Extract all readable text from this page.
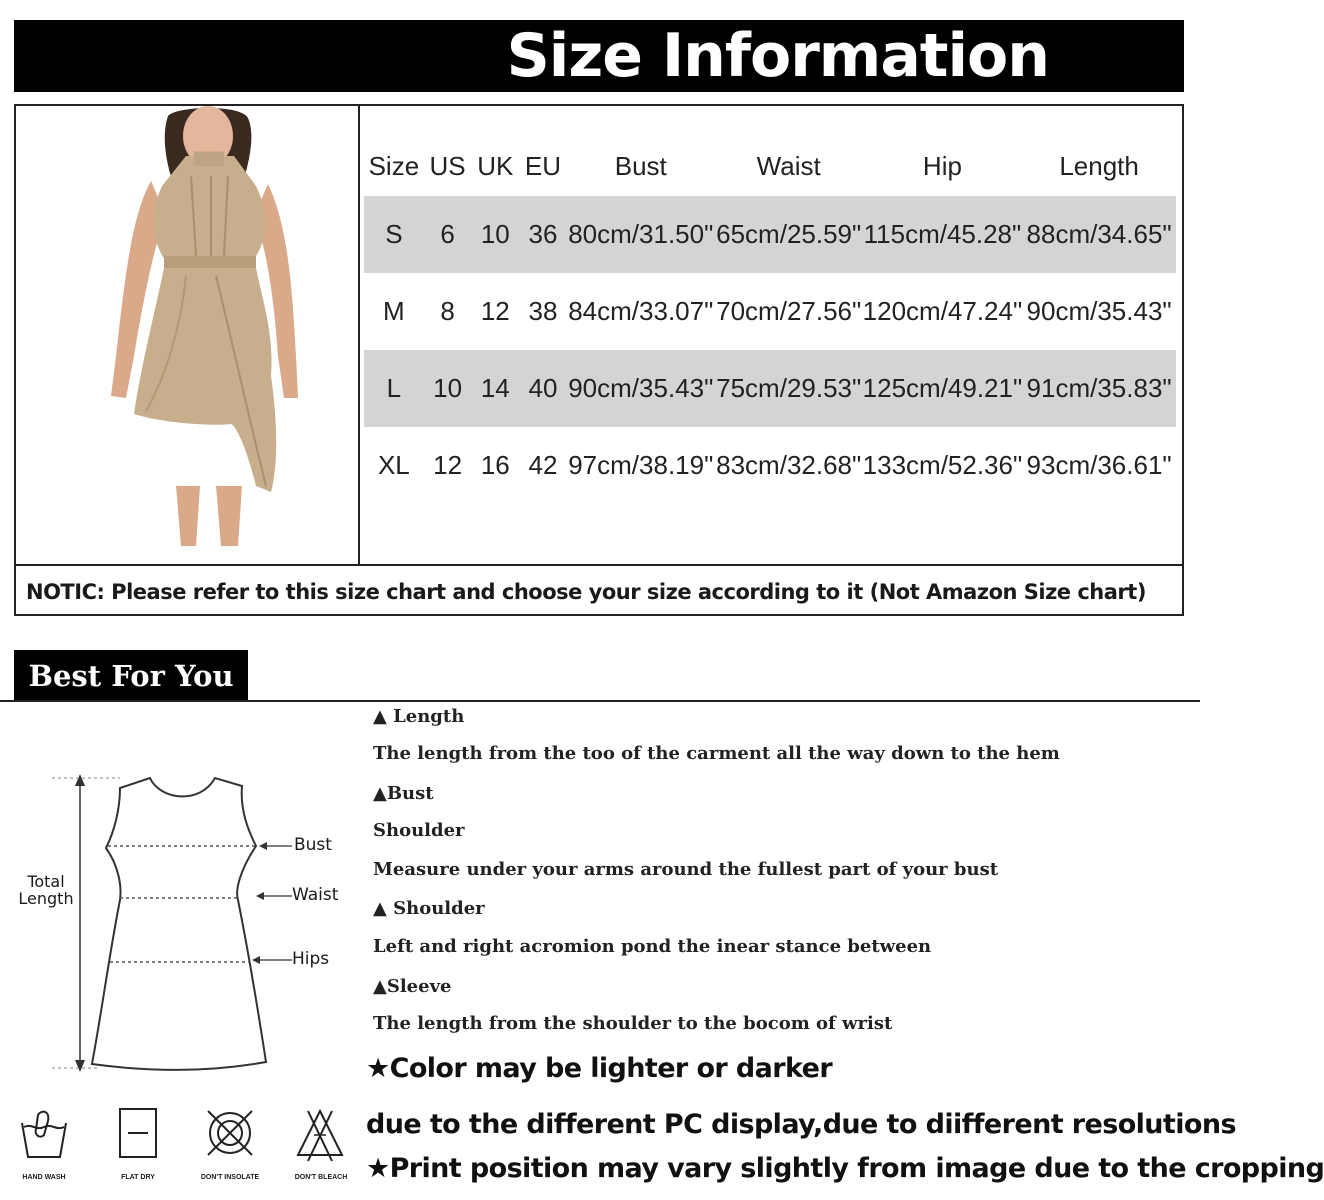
Size Information
Size	US	UK	EU	Bust	Waist	Hip	Length
S	6	10	36	80cm/31.50"	65cm/25.59"	115cm/45.28"	88cm/34.65"
M	8	12	38	84cm/33.07"	70cm/27.56"	120cm/47.24"	90cm/35.43"
L	10	14	40	90cm/35.43"	75cm/29.53"	125cm/49.21"	91cm/35.83"
XL	12	16	42	97cm/38.19"	83cm/32.68"	133cm/52.36"	93cm/36.61"
NOTIC: Please refer to this size chart and choose your size according to it (Not Amazon Size chart)
Best For You
Total
Length
Bust
Waist
Hips
▲ Length
The length from the too of the carment all the way down to the hem
▲Bust
Shoulder
Measure under your arms around the fullest part of your bust
▲ Shoulder
Left and right acromion pond the inear stance between
▲Sleeve
The length from the shoulder to the bocom of wrist
★Color may be lighter or darker
due to the different PC display,due to diifferent resolutions
★Print position may vary slightly from image due to the cropping
HAND WASH	FLAT DRY	DON'T INSOLATE	DON'T BLEACH
